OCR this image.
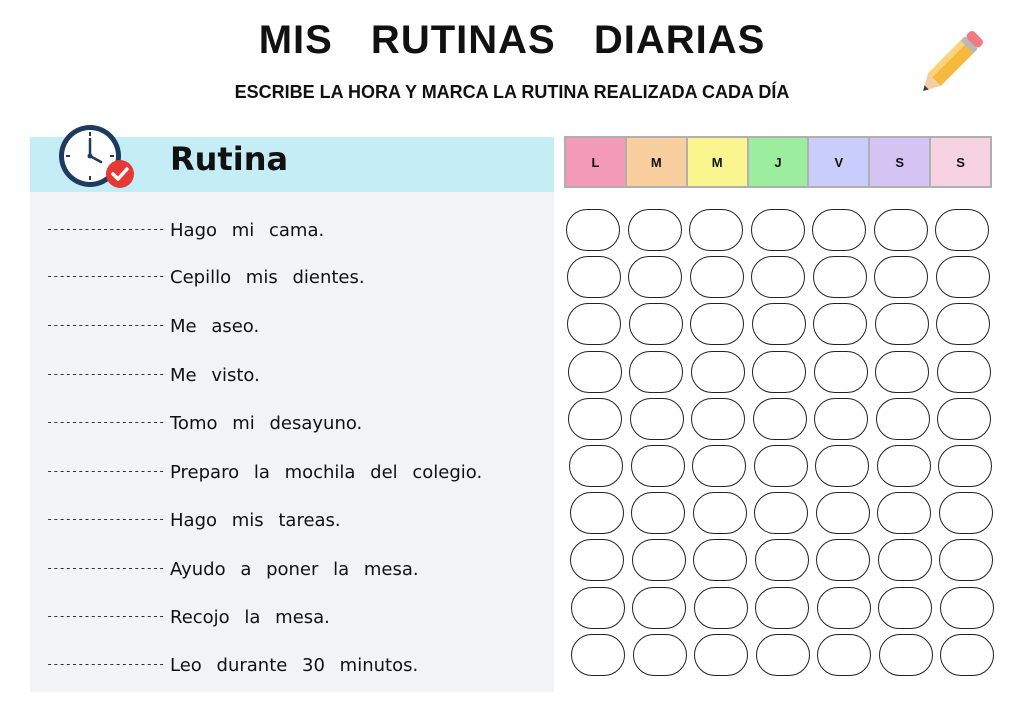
MIS RUTINAS DIARIAS
ESCRIBE LA HORA Y MARCA LA RUTINA REALIZADA CADA DÍA
Rutina
------------------- Hago mi cama.
------------------- Cepillo mis dientes.
------------------- Me aseo.
------------------- Me visto.
------------------- Tomo mi desayuno.
------------------- Preparo la mochila del colegio.
------------------- Hago mis tareas.
------------------- Ayudo a poner la mesa.
------------------- Recojo la mesa.
------------------- Leo durante 30 minutos.
L	M	M	J	V	S	S
